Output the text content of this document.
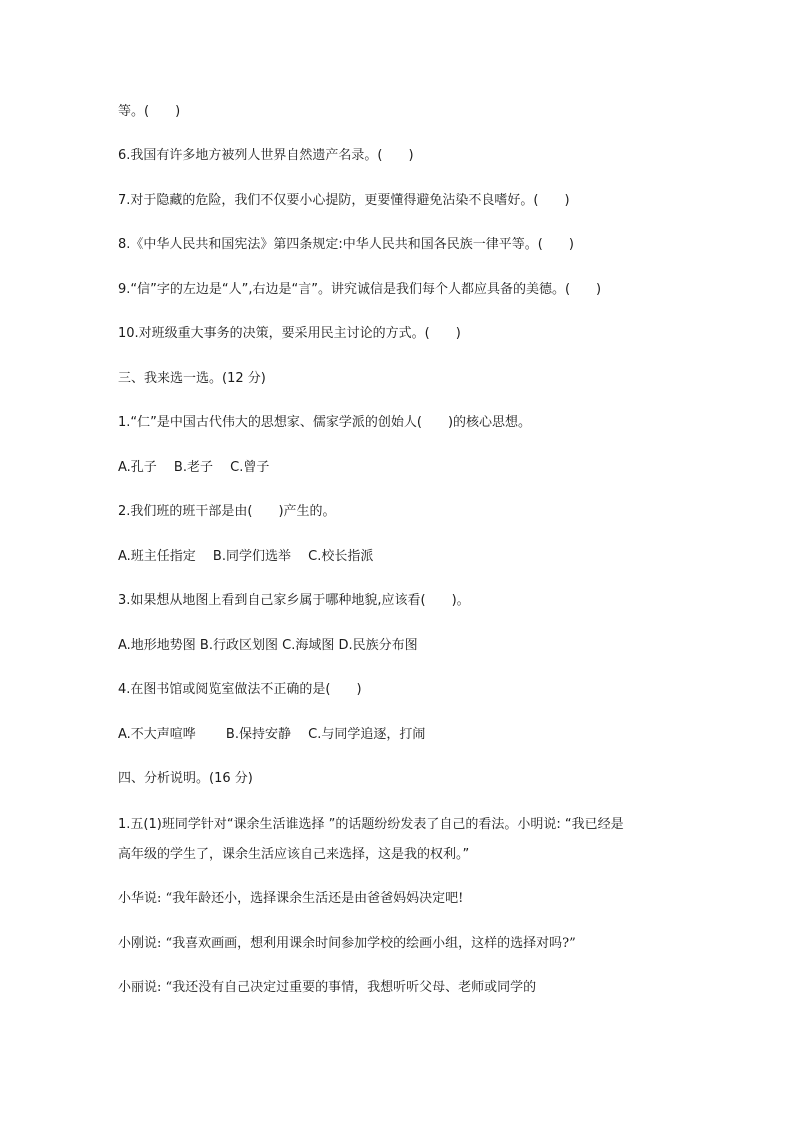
等。(　　)
6.我国有许多地方被列人世界自然遗产名录。(　　)
7.对于隐藏的危险，我们不仅要小心提防，更要懂得避免沾染不良嗜好。(　　)
8.《中华人民共和国宪法》第四条规定:中华人民共和国各民族一律平等。(　　)
9.“信”字的左边是“人”,右边是“言”。讲究诚信是我们每个人都应具备的美德。(　　)
10.对班级重大事务的决策，要采用民主讨论的方式。(　　)
三、我来选一选。(12 分)
1.“仁”是中国古代伟大的思想家、儒家学派的创始人(　　)的核心思想。
A.孔子　 B.老子　 C.曾子
2.我们班的班干部是由(　　)产生的。
A.班主任指定　 B.同学们选举　 C.校长指派
3.如果想从地图上看到自己家乡属于哪种地貌,应该看(　　)。
A.地形地势图 B.行政区划图 C.海域图 D.民族分布图
4.在图书馆或阅览室做法不正确的是(　　)
A.不大声喧哗　　 B.保持安静　 C.与同学追逐，打闹
四、分析说明。(16 分)
1.五(1)班同学针对“课余生活谁选择 ”的话题纷纷发表了自己的看法。小明说: “我已经是
高年级的学生了，课余生活应该自己来选择，这是我的权利。”
小华说: “我年龄还小，选择课余生活还是由爸爸妈妈决定吧!
小刚说: “我喜欢画画，想利用课余时间参加学校的绘画小组，这样的选择对吗?”
小丽说: “我还没有自己决定过重要的事情，我想听听父母、老师或同学的
